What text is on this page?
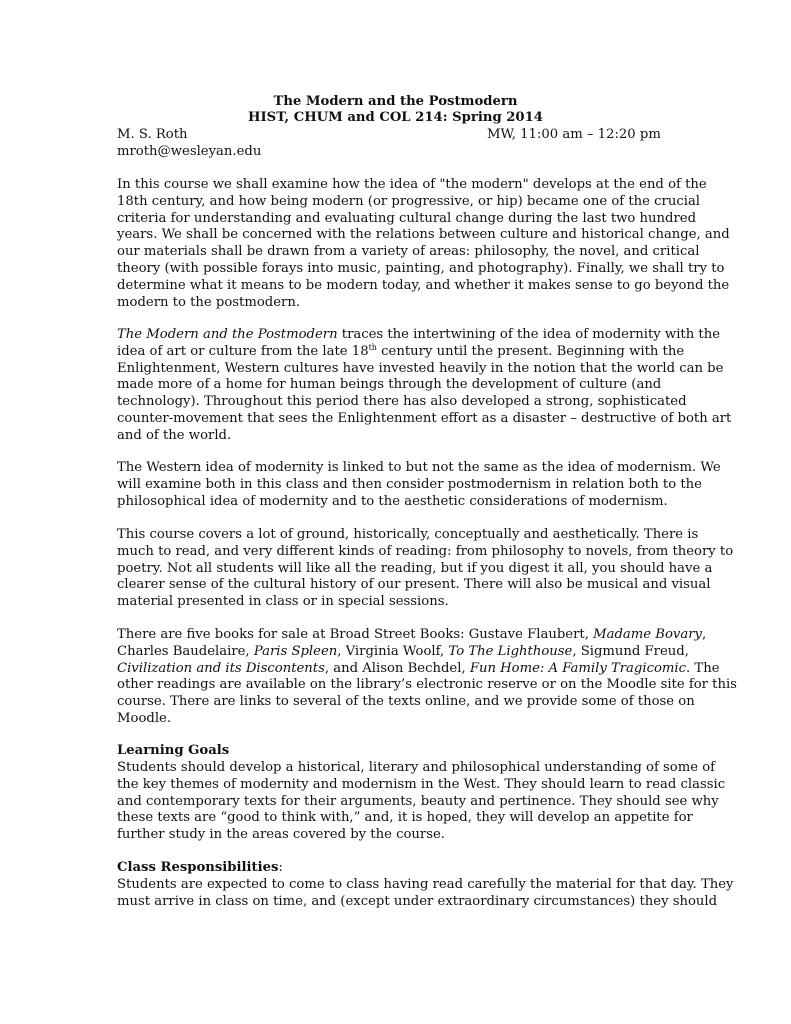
The Modern and the Postmodern
HIST, CHUM and COL 214: Spring 2014
M. S. Roth	MW, 11:00 am – 12:20 pm
mroth@wesleyan.edu
In this course we shall examine how the idea of "the modern" develops at the end of the
18th century, and how being modern (or progressive, or hip) became one of the crucial
criteria for understanding and evaluating cultural change during the last two hundred
years. We shall be concerned with the relations between culture and historical change, and
our materials shall be drawn from a variety of areas: philosophy, the novel, and critical
theory (with possible forays into music, painting, and photography). Finally, we shall try to
determine what it means to be modern today, and whether it makes sense to go beyond the
modern to the postmodern.
The Modern and the Postmodern traces the intertwining of the idea of modernity with the
idea of art or culture from the late 18th century until the present. Beginning with the
Enlightenment, Western cultures have invested heavily in the notion that the world can be
made more of a home for human beings through the development of culture (and
technology). Throughout this period there has also developed a strong, sophisticated
counter-movement that sees the Enlightenment effort as a disaster – destructive of both art
and of the world.
The Western idea of modernity is linked to but not the same as the idea of modernism. We
will examine both in this class and then consider postmodernism in relation both to the
philosophical idea of modernity and to the aesthetic considerations of modernism.
This course covers a lot of ground, historically, conceptually and aesthetically. There is
much to read, and very different kinds of reading: from philosophy to novels, from theory to
poetry. Not all students will like all the reading, but if you digest it all, you should have a
clearer sense of the cultural history of our present. There will also be musical and visual
material presented in class or in special sessions.
There are five books for sale at Broad Street Books: Gustave Flaubert, Madame Bovary,
Charles Baudelaire, Paris Spleen, Virginia Woolf, To The Lighthouse, Sigmund Freud,
Civilization and its Discontents, and Alison Bechdel, Fun Home: A Family Tragicomic. The
other readings are available on the library’s electronic reserve or on the Moodle site for this
course. There are links to several of the texts online, and we provide some of those on
Moodle.
Learning Goals
Students should develop a historical, literary and philosophical understanding of some of
the key themes of modernity and modernism in the West. They should learn to read classic
and contemporary texts for their arguments, beauty and pertinence. They should see why
these texts are “good to think with,” and, it is hoped, they will develop an appetite for
further study in the areas covered by the course.
Class Responsibilities:
Students are expected to come to class having read carefully the material for that day. They
must arrive in class on time, and (except under extraordinary circumstances) they should
